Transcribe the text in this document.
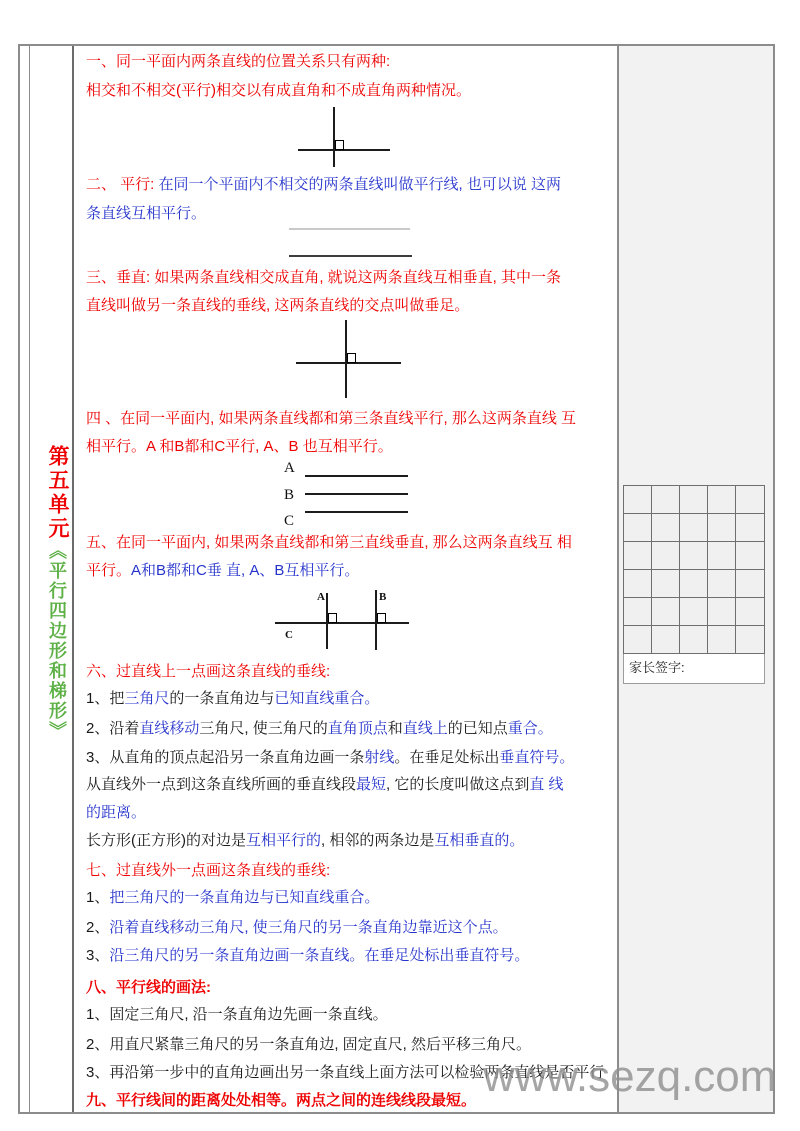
家长签字:
第五单元《平行四边形和梯形》
一、同一平面内两条直线的位置关系只有两种:
相交和不相交(平行)相交以有成直角和不成直角两种情况。
二、 平行: 在同一个平面内不相交的两条直线叫做平行线, 也可以说 这两
条直线互相平行。
三、垂直: 如果两条直线相交成直角, 就说这两条直线互相垂直, 其中一条
直线叫做另一条直线的垂线, 这两条直线的交点叫做垂足。
四 、在同一平面内, 如果两条直线都和第三条直线平行, 那么这两条直线 互
相平行。A 和B都和C平行, A、B 也互相平行。
A
B
C
五、在同一平面内, 如果两条直线都和第三直线垂直, 那么这两条直线互 相
平行。A和B都和C垂 直, A、B互相平行。
A	B
C
六、过直线上一点画这条直线的垂线:
1、把三角尺的一条直角边与已知直线重合。
2、沿着直线移动三角尺, 使三角尺的直角顶点和直线上的已知点重合。
3、从直角的顶点起沿另一条直角边画一条射线。在垂足处标出垂直符号。
从直线外一点到这条直线所画的垂直线段最短, 它的长度叫做这点到直 线
的距离。
长方形(正方形)的对边是互相平行的, 相邻的两条边是互相垂直的。
七、过直线外一点画这条直线的垂线:
1、把三角尺的一条直角边与已知直线重合。
2、沿着直线移动三角尺, 使三角尺的另一条直角边靠近这个点。
3、沿三角尺的另一条直角边画一条直线。在垂足处标出垂直符号。
八、平行线的画法:
1、固定三角尺, 沿一条直角边先画一条直线。
2、用直尺紧靠三角尺的另一条直角边, 固定直尺, 然后平移三角尺。
3、再沿第一步中的直角边画出另一条直线上面方法可以检验两条直线是否平行
九、平行线间的距离处处相等。两点之间的连线线段最短。 www.sezq.com
